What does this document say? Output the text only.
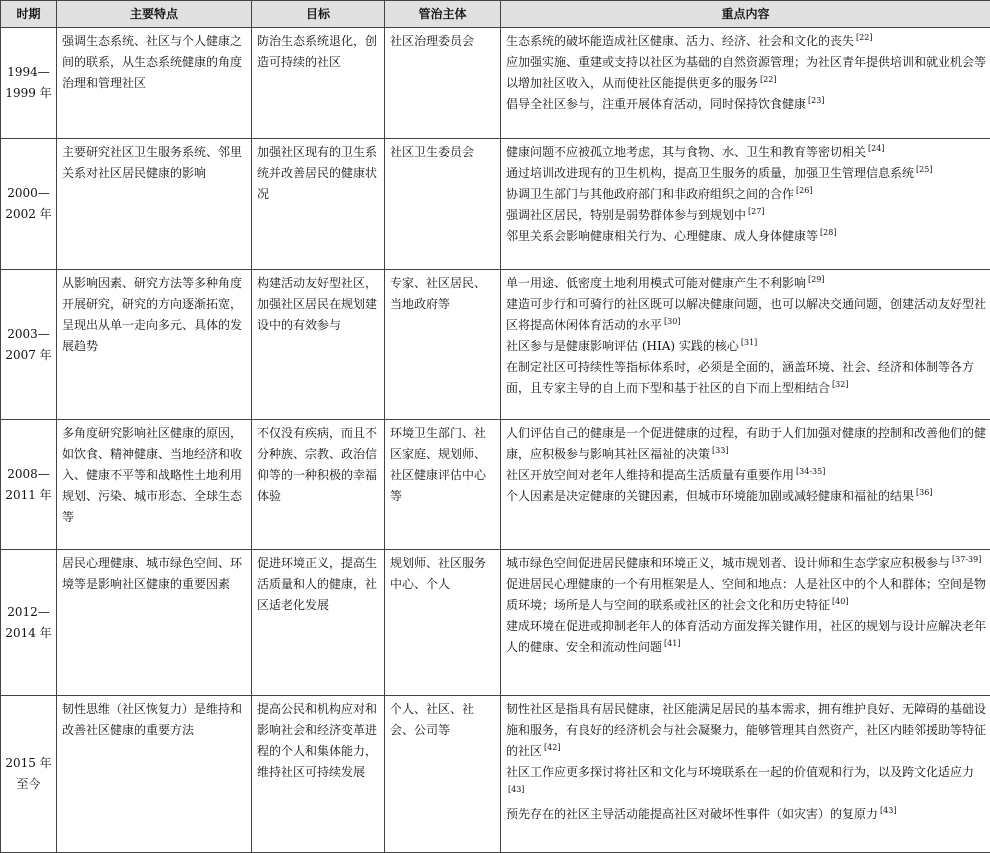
时期	主要特点	目标	管治主体	重点内容
1994—1999 年	强调生态系统、社区与个人健康之间的联系，从生态系统健康的角度治理和管理社区	防治生态系统退化，创造可持续的社区	社区治理委员会	生态系统的破坏能造成社区健康、活力、经济、社会和文化的丧失 [22]

应加强实施、重建或支持以社区为基础的自然资源管理；为社区青年提供培训和就业机会等以增加社区收入，从而使社区能提供更多的服务 [22]

倡导全社区参与，注重开展体育活动，同时保持饮食健康 [23]

2000—2002 年	主要研究社区卫生服务系统、邻里关系对社区居民健康的影响	加强社区现有的卫生系统并改善居民的健康状况	社区卫生委员会	健康问题不应被孤立地考虑，其与食物、水、卫生和教育等密切相关 [24]

通过培训改进现有的卫生机构，提高卫生服务的质量，加强卫生管理信息系统 [25]

协调卫生部门与其他政府部门和非政府组织之间的合作 [26]

强调社区居民，特别是弱势群体参与到规划中 [27]

邻里关系会影响健康相关行为、心理健康、成人身体健康等 [28]

2003—2007 年	从影响因素、研究方法等多种角度开展研究，研究的方向逐渐拓宽，呈现出从单一走向多元、具体的发展趋势	构建活动友好型社区，加强社区居民在规划建设中的有效参与	专家、社区居民、当地政府等	单一用途、低密度土地利用模式可能对健康产生不利影响 [29]

建造可步行和可骑行的社区既可以解决健康问题，也可以解决交通问题，创建活动友好型社区将提高休闲体育活动的水平 [30]

社区参与是健康影响评估 (HIA) 实践的核心 [31]

在制定社区可持续性等指标体系时，必须是全面的，涵盖环境、社会、经济和体制等各方面，且专家主导的自上而下型和基于社区的自下而上型相结合 [32]

2008—2011 年	多角度研究影响社区健康的原因，如饮食、精神健康、当地经济和收入、健康不平等和战略性土地利用规划、污染、城市形态、全球生态等	不仅没有疾病，而且不分种族、宗教、政治信仰等的一种积极的幸福体验	环境卫生部门、社区家庭、规划师、社区健康评估中心等	人们评估自己的健康是一个促进健康的过程，有助于人们加强对健康的控制和改善他们的健康，应积极参与影响其社区福祉的决策 [33]

社区开放空间对老年人维持和提高生活质量有重要作用 [34-35]

个人因素是决定健康的关键因素，但城市环境能加剧或减轻健康和福祉的结果 [36]

2012—2014 年	居民心理健康、城市绿色空间、环境等是影响社区健康的重要因素	促进环境正义，提高生活质量和人的健康，社区适老化发展	规划师、社区服务中心、个人	城市绿色空间促进居民健康和环境正义，城市规划者、设计师和生态学家应积极参与 [37-39]

促进居民心理健康的一个有用框架是人、空间和地点：人是社区中的个人和群体；空间是物质环境；场所是人与空间的联系或社区的社会文化和历史特征 [40]

建成环境在促进或抑制老年人的体育活动方面发挥关键作用，社区的规划与设计应解决老年人的健康、安全和流动性问题 [41]

2015 年至今	韧性思维（社区恢复力）是维持和改善社区健康的重要方法	提高公民和机构应对和影响社会和经济变革进程的个人和集体能力，维持社区可持续发展	个人、社区、社会、公司等	韧性社区是指具有居民健康，社区能满足居民的基本需求，拥有维护良好、无障碍的基础设施和服务，有良好的经济机会与社会凝聚力，能够管理其自然资产，社区内睦邻援助等特征的社区 [42]

社区工作应更多探讨将社区和文化与环境联系在一起的价值观和行为，以及跨文化适应力[43]

预先存在的社区主导活动能提高社区对破坏性事件（如灾害）的复原力 [43]
